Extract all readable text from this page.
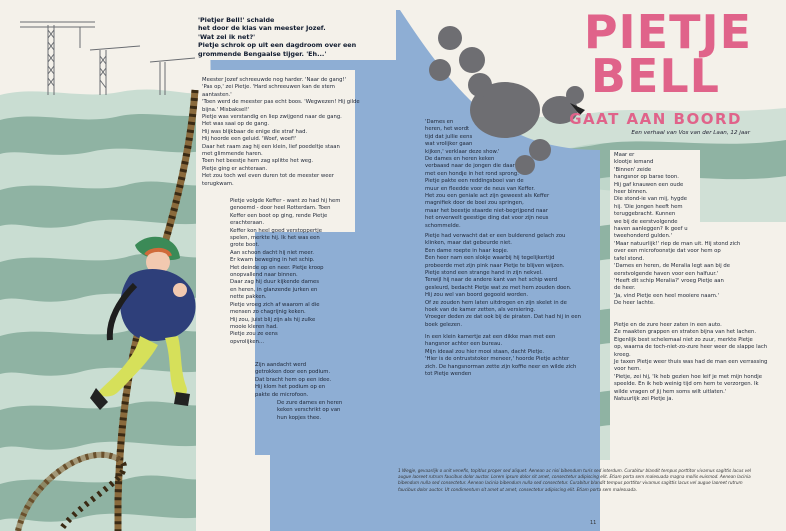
'Pietjer Bell!' schalde
het door de klas van meester Jozef.
'Wat zei ik net?'
Pietje schrok op uit een dagdroom over een
grommende Bengaalse tijger. 'Eh...'

Meester Jozef schreeuwde nog harder. 'Naar de gang!'
'Pas op,' zei Pietje. 'Hard schreeuwen kan de stem
aantasten.'
'Toen werd de meester pas echt boos. 'Wegwezen! Hij gilde
bijna.' Misbaksel!'
Pietje was verstandig en liep zwijgend naar de gang.
Het was saai op de gang.
Hij was blijkbaar de enige die straf had.
Hij hoorde een geluid. 'Woef, woef!'
Daar het raam zag hij een klein, lief poedeltje staan
met glimmende haren.
Toen het beestje hem zag splitte het weg.
Pietje ging er achteraan.
Het zou toch wel even duren tot de meester weer
terugkwam.

Pietje volgde Keffer - want zo had hij hem
genoemd - door heel Rotterdam. Toen
Keffer een boot op ging, rende Pietje
erachteraan.
Keffer kon heel goed verstoppertje
spelen, merkte hij. Ik het was een
grote boot.
Aan schoon dacht hij niet meer.
Er kwam beweging in het schip.
Het deinde op en neer. Pietje kroop
onopvallend naar binnen.
Daar zag hij duur kijkende dames
en heren, in glanzende jurken en
nette pakken.
Pietje vroeg zich af waarom al die
mensen zo chagrijnig keken.
Hij zou, juist blij zijn als hij zulke
mooie kleren had.
Pietje zou ze eens
opvrolijken...

Zijn aandacht werd
getrokken door een podium.
Dat bracht hem op een idee.
Hij klom het podium op en
pakte de microfoon.

De zure dames en heren
keken verschrikt op van
hun kopjes thee.

'Dames en
heren, het wordt
tijd dat jullie eens
wat vrolijker gaan
kijken,' verklaar deze show.'
De dames en heren keken
verbaasd naar de jongen die daar
met een hondje in het rond sprong.
Pietje pakte een reddingsboei van de
muur en fleedde voor de neus van Keffer.
Het zou een geniale act zijn geweest als Keffer
magnifiek door de boei zou springen,
maar het beestje staarde niet-begrijpend naar
het onverwelt geestige ding dat voor zijn neus
schommelde.

Pietje had verwacht dat er een bulderend gelach zou
klinken, maar dat gebeurde niet.
Een dame roepte in haar kopje.
Een heer nam een slokje waarbij hij tegelijkertijd
probeerde met zijn pink naar Pietje te blijven wijzen.
Pietje stond een strange hand in zijn nekvel.
Terwijl hij naar de andere kant van het schip werd
gesleurd, bedacht Pietje wat ze met hem zouden doen.
Hij zou wel van boord gegooid worden.
Of ze zouden hem laten uitdrogen en zijn skelet in de
hoek van de kamer zetten, als versiering.
Vroeger deden ze dat ook bij de piraten. Dat had hij in een
boek gelezen.

In een klein kamertje zat een dikke man met een
hangsnor achter een bureau.
Mijn ideaal zou hier mooi staan, dacht Pietje.
'Hier is de ontruststoker meneer,' hoorde Pietje achter
zich. De hangsnorman zette zijn koffie neer en wilde zich
tot Pietje wenden

Maar er
klootje iemand
'Binnen' zeide
hangsnor op barse toon.
Hij gaf knauwen een oude
heer binnen.
Die stond-ie van mij, hygde
hij. 'Die jongen heeft hem
teruggebracht. Kunnen
we bij de eerstvolgende
haven aanleggen? Ik geef u
tweehonderd gulden.'
'Maar natuurlijk!' riep de man uit. Hij stond zich
over een microfoonstje dat voor hem op
tafel stond.
'Dames en heren, de Meralia legt aan bij de
eerstvolgende haven voor een halfuur.'
'Heeft dit schip Meralia?' vroeg Pietje aan
de heer.
'Ja, vind Pietje een heel mooiere naam.'
De heer lachte.

Pietje en de zure heer zaten in een auto.
Ze maakten grappen en straten bijna van het lachen.
Eigenlijk best schelemaal niet zo zuur, merkte Pietje
op, waarna de toch-niet-zo-zure heer weer de slappe lach
kreeg.
Je taxen Pietje weer thuis was had de man een verrassing
voor hem.
'Pietje, zei hij, 'Ik heb gezien hoe leif je met mijn hondje
speelde. En ik heb weinig tijd om hem te verzorgen. Ik
wilde vragen of jij hem soms wilt uitlaten.'
Natuurlijk zei Pietje ja.

PIETJE
BELL
GAAT AAN BOORD
Een verhaal van Vos van der Laan, 12 jaar
1 Wegje, gevaarlijk o unit venefis, topitlus proper sed aliquet. Aenean ac nisi bibendum turis sed interdum. Curabitur blandit tempus porttitor vivamus sagittis lacus vel augue laoreet rutrum faucibus dolor auctor. Lorem ipsum dolor sit amet, consectetur adipiscing elit. Etiam porta sem malesuada magna mollis euismod. Aenean lacinia bibendum nulla sed consectetur. Aenean lacinia bibendum nulla sed consectetur. Curabitur blandit tempus porttitor vivamus sagittis lacus vel augue laoreet rutrum faucibus dolor auctor. Ut condimentum sit amet ut amet, consectetur adipiscing elit. Etiam porta sem malesuada.
11
